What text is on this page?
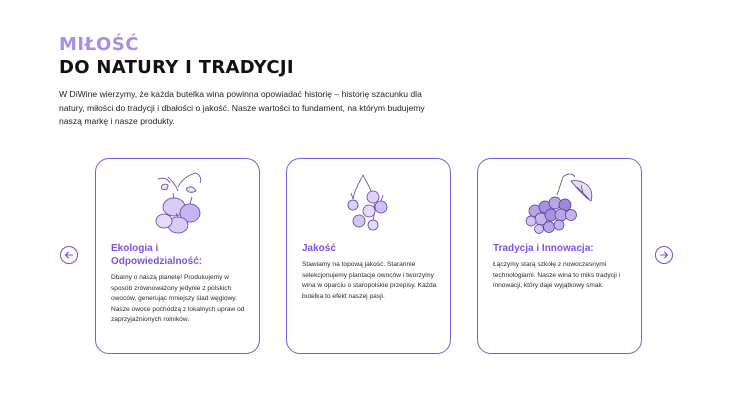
MIŁOŚĆ
DO NATURY I TRADYCJI

W DiWine wierzymy, że każda butelka wina powinna opowiadać historię – historię szacunku dla natury, miłości do tradycji i dbałości o jakość. Nasze wartości to fundament, na którym budujemy naszą markę i nasze produkty.

Ekologia i Odpowiedzialność:
Dbamy o naszą planetę! Produkujemy w sposób zrównoważony jedynie z polskich owoców, generując mniejszy ślad węglowy. Nasze owoce pochodzą z lokalnych upraw od zaprzyjaźnionych rolników.
Jakość
Stawiamy na topową jakość. Starannie selekcjonujemy plantacje owoców i tworzymy wina w oparciu o staropolskie przepisy. Każda butelka to efekt naszej pasji.
Tradycja i Innowacja:
Łączymy starą szkołę z nowoczesnymi technologiami. Nasze wina to miks tradycji i innowacji, który daje wyjątkowy smak.
